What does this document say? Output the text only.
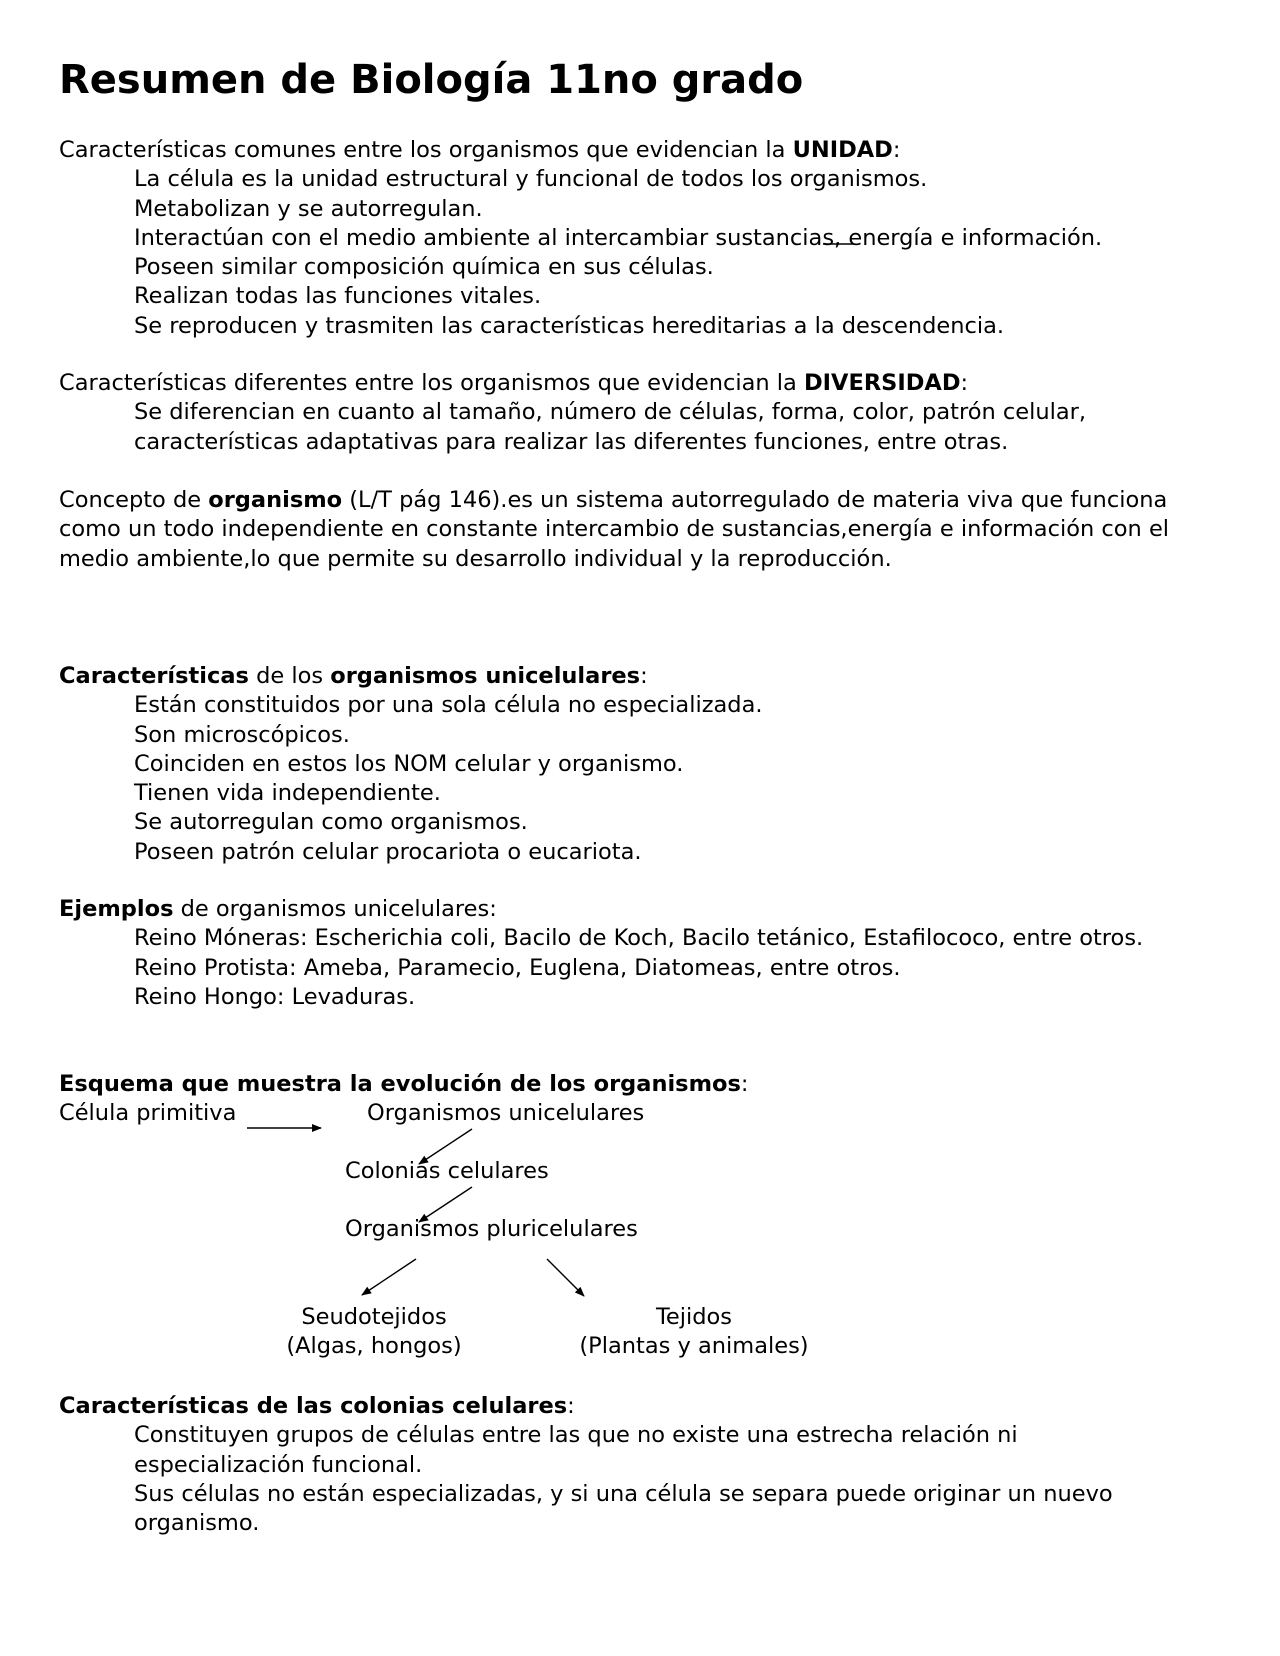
Resumen de Biología 11no grado

Características comunes entre los organismos que evidencian la UNIDAD:

La célula es la unidad estructural y funcional de todos los organismos.

Metabolizan y se autorregulan.

Interactúan con el medio ambiente al intercambiar sustancias, energía e información.

Poseen similar composición química en sus células.

Realizan todas las funciones vitales.

Se reproducen y trasmiten las características hereditarias a la descendencia.

Características diferentes entre los organismos que evidencian la DIVERSIDAD:

Se diferencian en cuanto al tamaño, número de células, forma, color, patrón celular, características adaptativas para realizar las diferentes funciones, entre otras.

Concepto de organismo (L/T pág 146).es un sistema autorregulado de materia viva que funciona como un todo independiente en constante intercambio de sustancias,energía e información con el medio ambiente,lo que permite su desarrollo individual y la reproducción.

Características de los organismos unicelulares:

Están constituidos por una sola célula no especializada.

Son microscópicos.

Coinciden en estos los NOM celular y organismo.

Tienen vida independiente.

Se autorregulan como organismos.

Poseen patrón celular procariota o eucariota.

Ejemplos de organismos unicelulares:

Reino Móneras: Escherichia coli, Bacilo de Koch, Bacilo tetánico, Estafilococo, entre otros.

Reino Protista: Ameba, Paramecio, Euglena, Diatomeas, entre otros.

Reino Hongo: Levaduras.

Esquema que muestra la evolución de los organismos:

Célula primitiva	Organismos unicelulares
Colonias celulares
Organismos pluricelulares
Seudotejidos
(Algas, hongos)
Tejidos
(Plantas y animales)

Características de las colonias celulares:

Constituyen grupos de células entre las que no existe una estrecha relación ni especialización funcional.

Sus células no están especializadas, y si una célula se separa puede originar un nuevo organismo.
